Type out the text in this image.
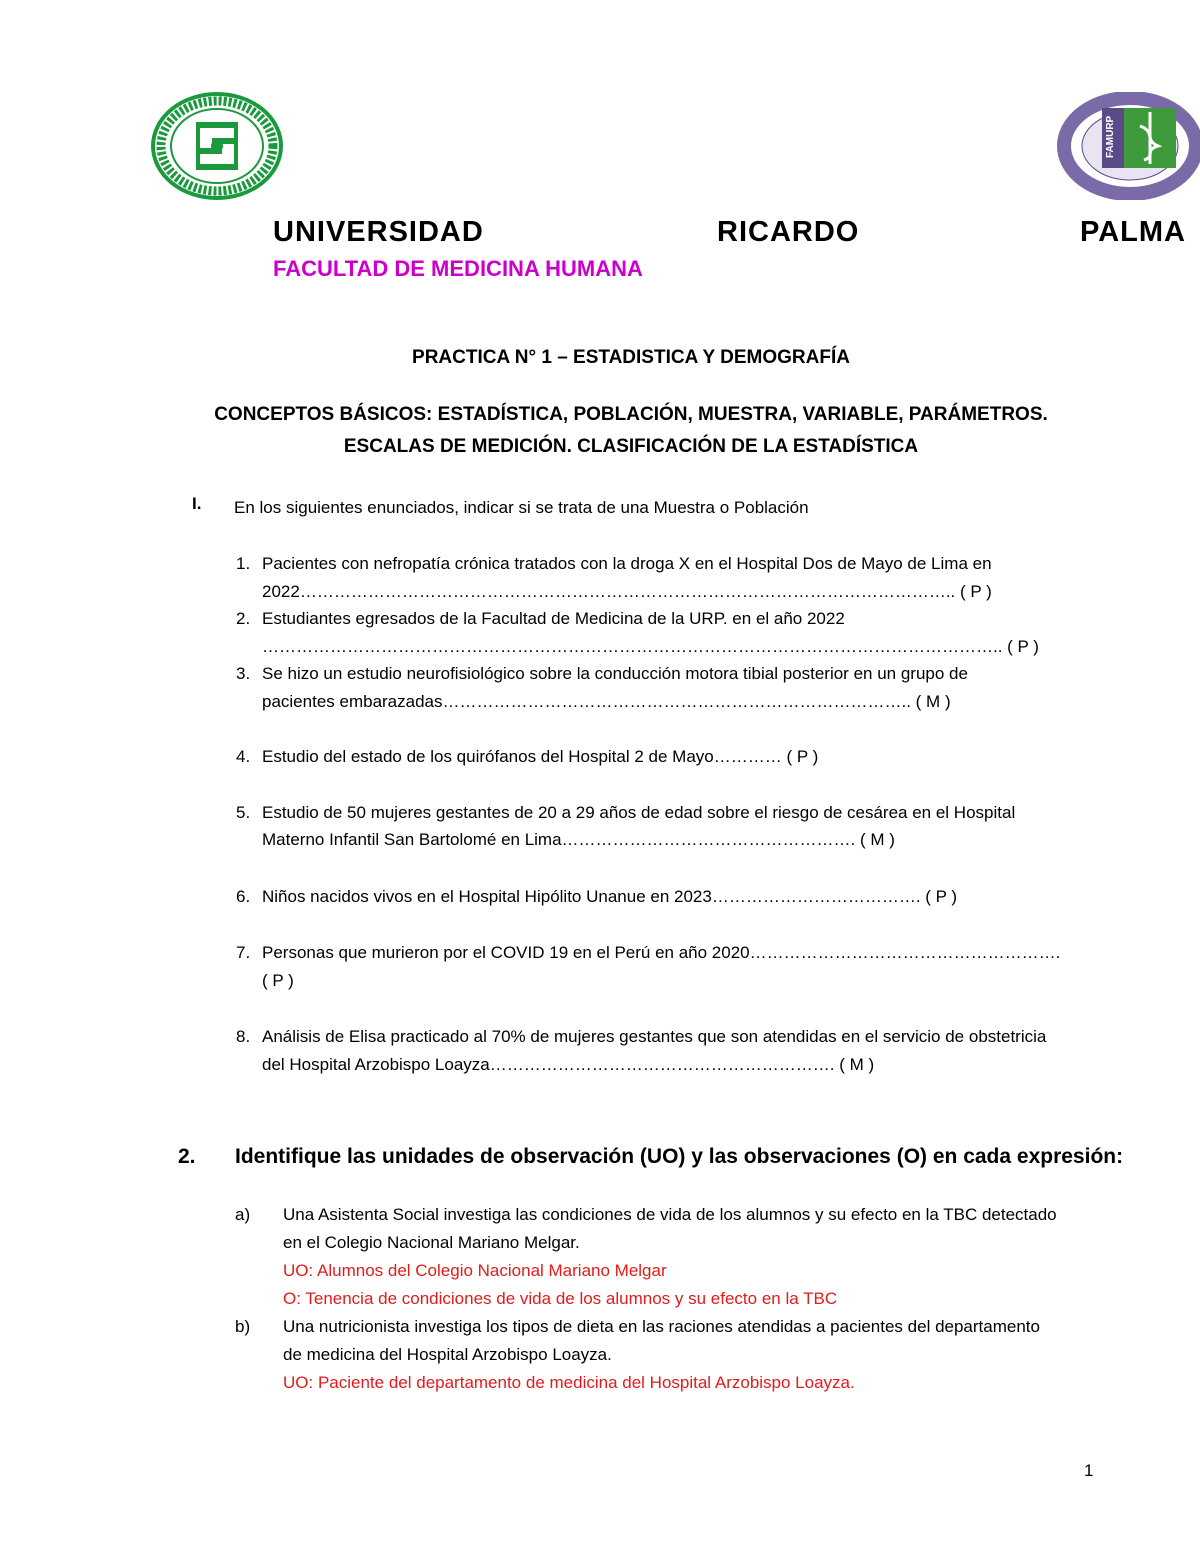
FAMURP
UNIVERSIDAD	RICARDO	PALMA
FACULTAD DE MEDICINA HUMANA
PRACTICA N° 1 – ESTADISTICA Y DEMOGRAFÍA
CONCEPTOS BÁSICOS: ESTADÍSTICA, POBLACIÓN, MUESTRA, VARIABLE, PARÁMETROS.
ESCALAS DE MEDICIÓN. CLASIFICACIÓN DE LA ESTADÍSTICA
I. En los siguientes enunciados, indicar si se trata de una Muestra o Población
1. Pacientes con nefropatía crónica tratados con la droga X en el Hospital Dos de Mayo de Lima en
2022…………………………………………………………………………………………………….. ( P )
2. Estudiantes egresados de la Facultad de Medicina de la URP. en el año 2022
………………………………………………………………………………………………………………….. ( P )
3. Se hizo un estudio neurofisiológico sobre la conducción motora tibial posterior en un grupo de
pacientes embarazadas……………………………………………………………………….. ( M )
4. Estudio del estado de los quirófanos del Hospital 2 de Mayo………… ( P )
5. Estudio de 50 mujeres gestantes de 20 a 29 años de edad sobre el riesgo de cesárea en el Hospital
Materno Infantil San Bartolomé en Lima……………………………………………. ( M )
6. Niños nacidos vivos en el Hospital Hipólito Unanue en 2023………………………………. ( P )
7. Personas que murieron por el COVID 19 en el Perú en año 2020……………………………………………….
( P )
8. Análisis de Elisa practicado al 70% de mujeres gestantes que son atendidas en el servicio de obstetricia
del Hospital Arzobispo Loayza……………………………………………………. ( M )
2. Identifique las unidades de observación (UO) y las observaciones (O) en cada expresión:
a) Una Asistenta Social investiga las condiciones de vida de los alumnos y su efecto en la TBC detectado
en el Colegio Nacional Mariano Melgar.
UO: Alumnos del Colegio Nacional Mariano Melgar
O: Tenencia de condiciones de vida de los alumnos y su efecto en la TBC
b) Una nutricionista investiga los tipos de dieta en las raciones atendidas a pacientes del departamento
de medicina del Hospital Arzobispo Loayza.
UO: Paciente del departamento de medicina del Hospital Arzobispo Loayza.
1
